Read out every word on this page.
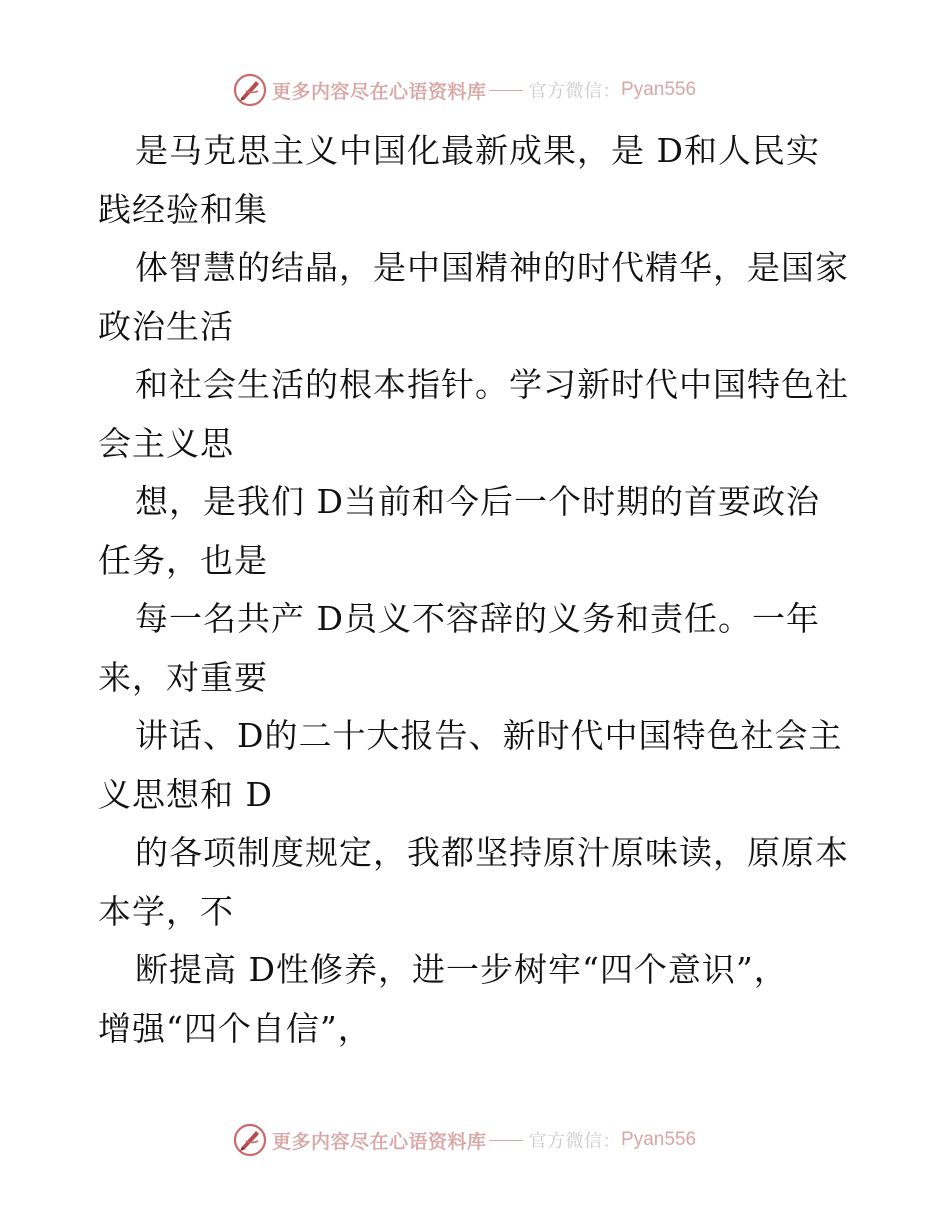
更多内容尽在心语资料库 官方微信： Pyan556
是马克思主义中国化最新成果，是 D和人民实
践经验和集
体智慧的结晶，是中国精神的时代精华，是国家
政治生活
和社会生活的根本指针。学习新时代中国特色社
会主义思
想，是我们 D当前和今后一个时期的首要政治
任务，也是
每一名共产 D员义不容辞的义务和责任。一年
来，对重要
讲话、D的二十大报告、新时代中国特色社会主
义思想和 D
的各项制度规定，我都坚持原汁原味读，原原本
本学，不
断提高 D性修养，进一步树牢“四个意识”，
增强“四个自信”，
更多内容尽在心语资料库 官方微信： Pyan556
